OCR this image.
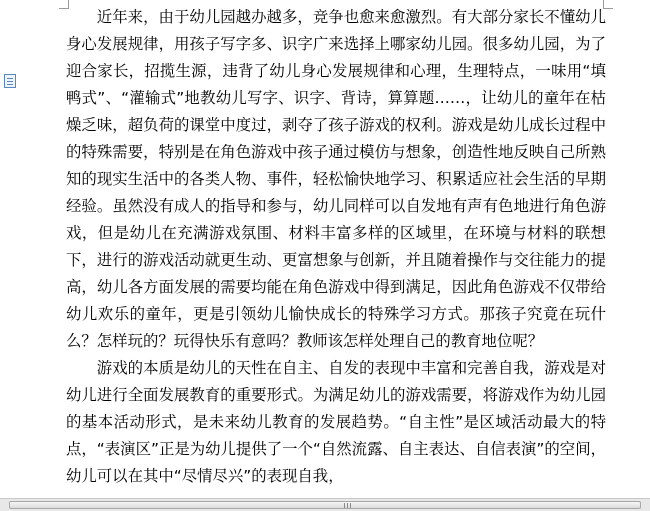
近年来，由于幼儿园越办越多，竞争也愈来愈激烈。有大部分家长不懂幼儿身心发展规律，用孩子写字多、识字广来选择上哪家幼儿园。很多幼儿园，为了迎合家长，招揽生源，违背了幼儿身心发展规律和心理，生理特点，一味用“填鸭式”、“灌输式”地教幼儿写字、识字、背诗，算算题……，让幼儿的童年在枯燥乏味，超负荷的课堂中度过，剥夺了孩子游戏的权利。游戏是幼儿成长过程中的特殊需要，特别是在角色游戏中孩子通过模仿与想象，创造性地反映自己所熟知的现实生活中的各类人物、事件，轻松愉快地学习、积累适应社会生活的早期经验。虽然没有成人的指导和参与，幼儿同样可以自发地有声有色地进行角色游戏，但是幼儿在充满游戏氛围、材料丰富多样的区域里，在环境与材料的联想下，进行的游戏活动就更生动、更富想象与创新，并且随着操作与交往能力的提高，幼儿各方面发展的需要均能在角色游戏中得到满足，因此角色游戏不仅带给幼儿欢乐的童年，更是引领幼儿愉快成长的特殊学习方式。那孩子究竟在玩什么？怎样玩的？玩得快乐有意吗？教师该怎样处理自己的教育地位呢？

游戏的本质是幼儿的天性在自主、自发的表现中丰富和完善自我，游戏是对幼儿进行全面发展教育的重要形式。为满足幼儿的游戏需要，将游戏作为幼儿园的基本活动形式，是未来幼儿教育的发展趋势。“自主性”是区域活动最大的特点，“表演区”正是为幼儿提供了一个“自然流露、自主表达、自信表演”的空间，幼儿可以在其中“尽情尽兴”的表现自我，
